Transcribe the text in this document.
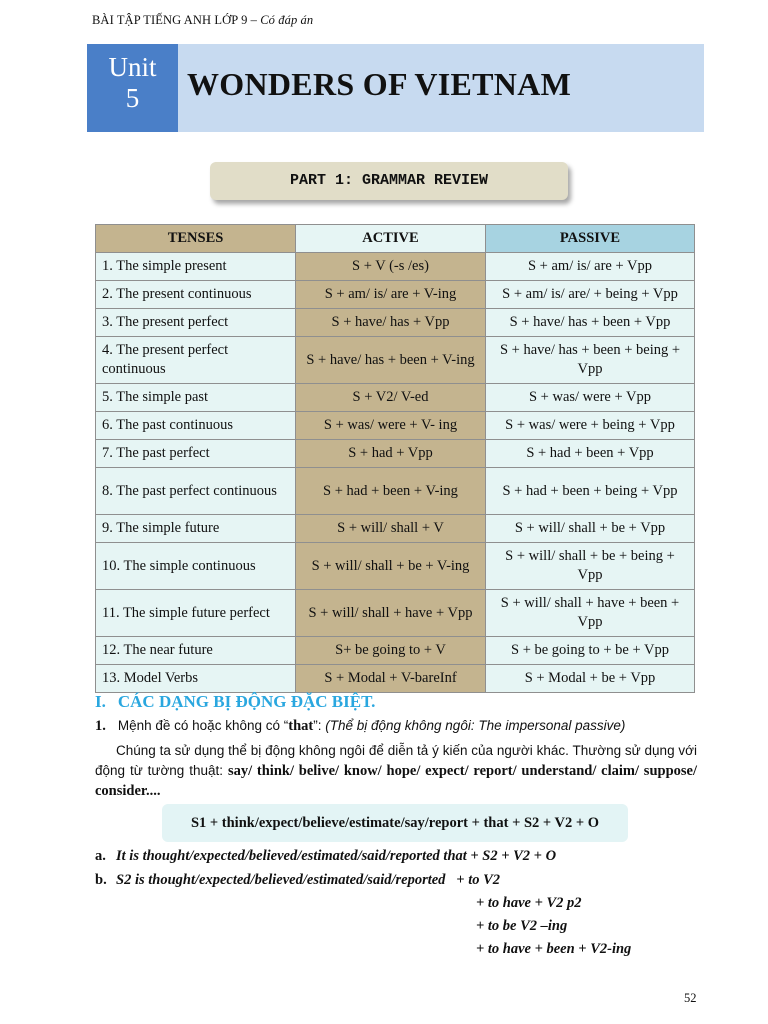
BÀI TẬP TIẾNG ANH LỚP 9 – Có đáp án
Unit
5	WONDERS OF VIETNAM
PART 1: GRAMMAR REVIEW
TENSES	ACTIVE	PASSIVE
1. The simple present	S + V (-s /es)	S + am/ is/ are + Vpp
2. The present continuous	S + am/ is/ are + V-ing	S + am/ is/ are/ + being + Vpp
3. The present perfect	S + have/ has + Vpp	S + have/ has + been + Vpp
4. The present perfect continuous	S + have/ has + been + V-ing	S + have/ has + been + being + Vpp
5. The simple past	S + V2/ V-ed	S + was/ were + Vpp
6. The past continuous	S + was/ were + V- ing	S + was/ were + being + Vpp
7. The past perfect	S + had + Vpp	S + had + been + Vpp
8. The past perfect continuous	S + had + been + V-ing	S + had + been + being + Vpp
9. The simple future	S + will/ shall + V	S + will/ shall + be + Vpp
10. The simple continuous	S + will/ shall + be + V-ing	S + will/ shall + be + being + Vpp
11. The simple future perfect	S + will/ shall + have + Vpp	S + will/ shall + have + been + Vpp
12. The near future	S+ be going to + V	S + be going to + be + Vpp
13. Model Verbs	S + Modal + V-bareInf	S + Modal + be + Vpp
I. CÁC DẠNG BỊ ĐỘNG ĐẶC BIỆT.
1. Mệnh đề có hoặc không có “that”: (Thể bị động không ngôi: The impersonal passive)
Chúng ta sử dụng thể bị động không ngôi để diễn tả ý kiến của người khác. Thường sử dụng với động từ tường thuật: say/ think/ belive/ know/ hope/ expect/ report/ understand/ claim/ suppose/ consider....
S1 + think/expect/believe/estimate/say/report + that + S2 + V2 + O
a. It is thought/expected/believed/estimated/said/reported that + S2 + V2 + O
b. S2 is thought/expected/believed/estimated/said/reported   + to V2
+ to have + V2 p2
+ to be V2 –ing
+ to have + been + V2-ing
52
